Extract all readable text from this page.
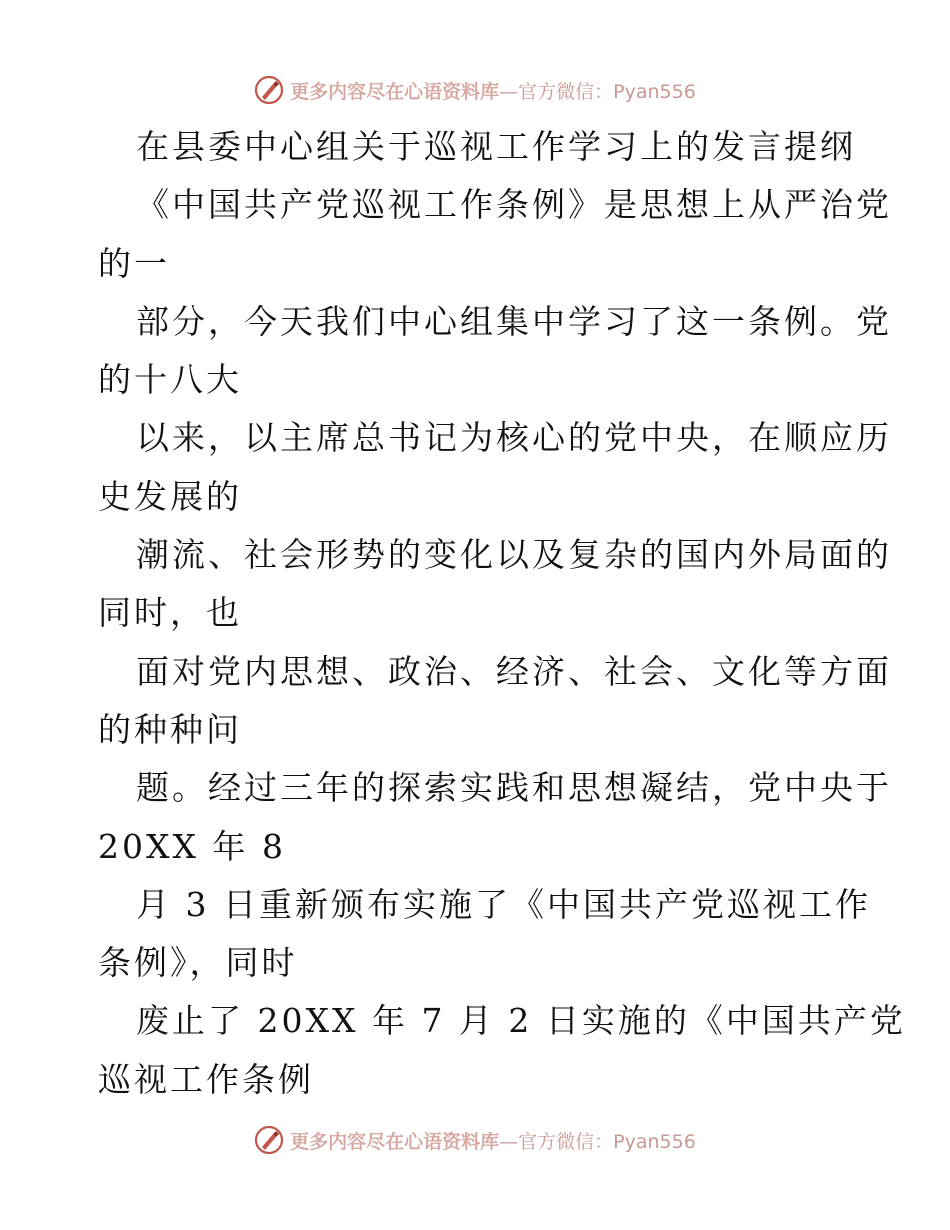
更多内容尽在心语资料库—官方微信：Pyan556
在县委中心组关于巡视工作学习上的发言提纲
《中国共产党巡视工作条例》是思想上从严治党
的一
部分，今天我们中心组集中学习了这一条例。党
的十八大
以来，以主席总书记为核心的党中央，在顺应历
史发展的
潮流、社会形势的变化以及复杂的国内外局面的
同时，也
面对党内思想、政治、经济、社会、文化等方面
的种种问
题。经过三年的探索实践和思想凝结，党中央于
20XX 年 8
月 3 日重新颁布实施了《中国共产党巡视工作
条例》，同时
废止了 20XX 年 7 月 2 日实施的《中国共产党
巡视工作条例
更多内容尽在心语资料库—官方微信：Pyan556
